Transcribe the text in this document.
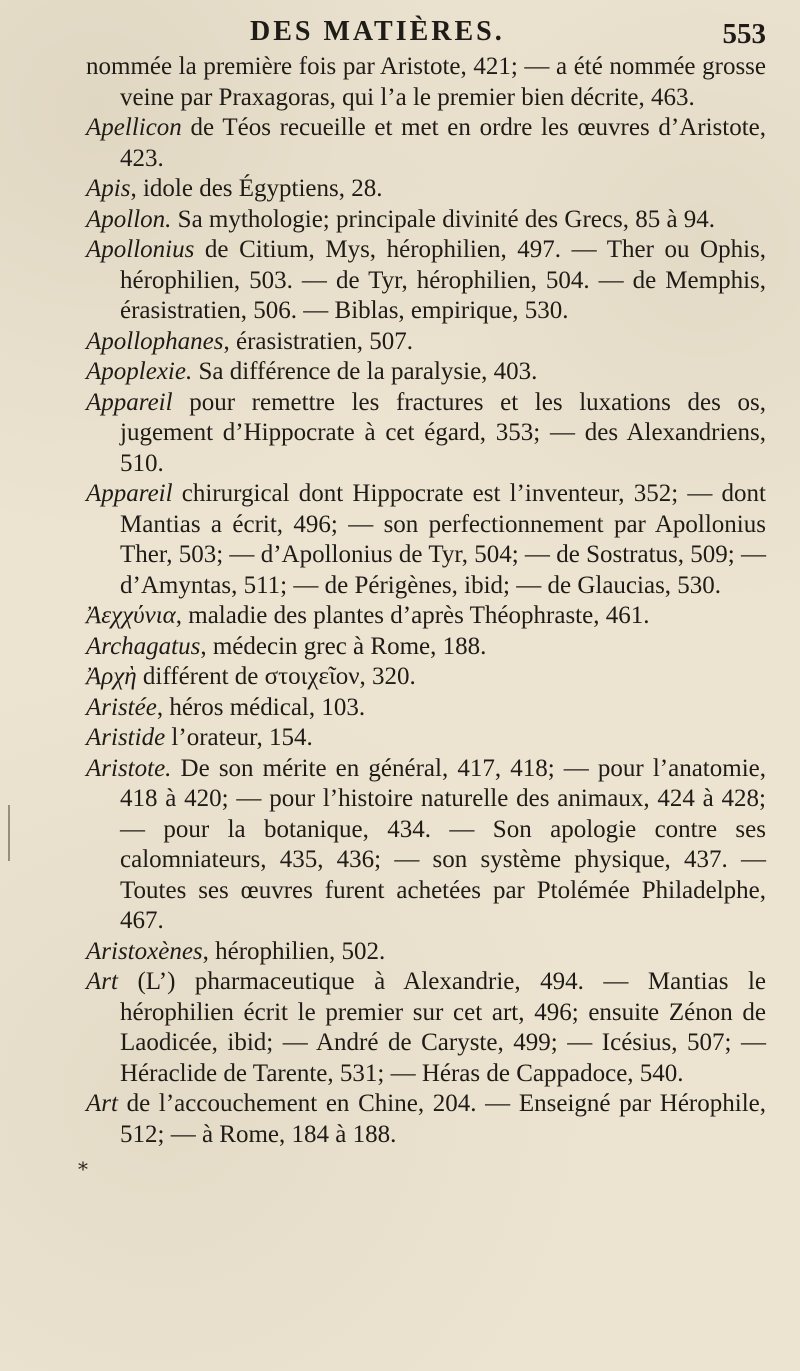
DES MATIÈRES.	553

nommée la première fois par Aristote, 421; — a été nommée grosse veine par Praxagoras, qui l’a le premier bien décrite, 463.

Apellicon de Téos recueille et met en ordre les œuvres d’Aristote, 423.

Apis, idole des Égyptiens, 28.

Apollon. Sa mythologie; principale divinité des Grecs, 85 à 94.

Apollonius de Citium, Mys, hérophilien, 497. — Ther ou Ophis, hérophilien, 503. — de Tyr, hérophilien, 504. — de Memphis, érasistratien, 506. — Biblas, empirique, 530.

Apollophanes, érasistratien, 507.

Apoplexie. Sa différence de la paralysie, 403.

Appareil pour remettre les fractures et les luxations des os, jugement d’Hippocrate à cet égard, 353; — des Alexandriens, 510.

Appareil chirurgical dont Hippocrate est l’inventeur, 352; — dont Mantias a écrit, 496; — son perfectionnement par Apollonius Ther, 503; — d’Apollonius de Tyr, 504; — de Sostratus, 509; — d’Amyntas, 511; — de Périgènes, ibid; — de Glaucias, 530.

Ἀεχχύνια, maladie des plantes d’après Théophraste, 461.

Archagatus, médecin grec à Rome, 188.

Ἀρχὴ différent de στοιχεῖον, 320.

Aristée, héros médical, 103.

Aristide l’orateur, 154.

Aristote. De son mérite en général, 417, 418; — pour l’anatomie, 418 à 420; — pour l’histoire naturelle des animaux, 424 à 428; — pour la botanique, 434. — Son apologie contre ses calomniateurs, 435, 436; — son système physique, 437. — Toutes ses œuvres furent achetées par Ptolémée Philadelphe, 467.

Aristoxènes, hérophilien, 502.

Art (L’) pharmaceutique à Alexandrie, 494. — Mantias le hérophilien écrit le premier sur cet art, 496; ensuite Zénon de Laodicée, ibid; — André de Caryste, 499; — Icésius, 507; — Héraclide de Tarente, 531; — Héras de Cappadoce, 540.

Art de l’accouchement en Chine, 204. — Enseigné par Hérophile, 512; — à Rome, 184 à 188.

*
